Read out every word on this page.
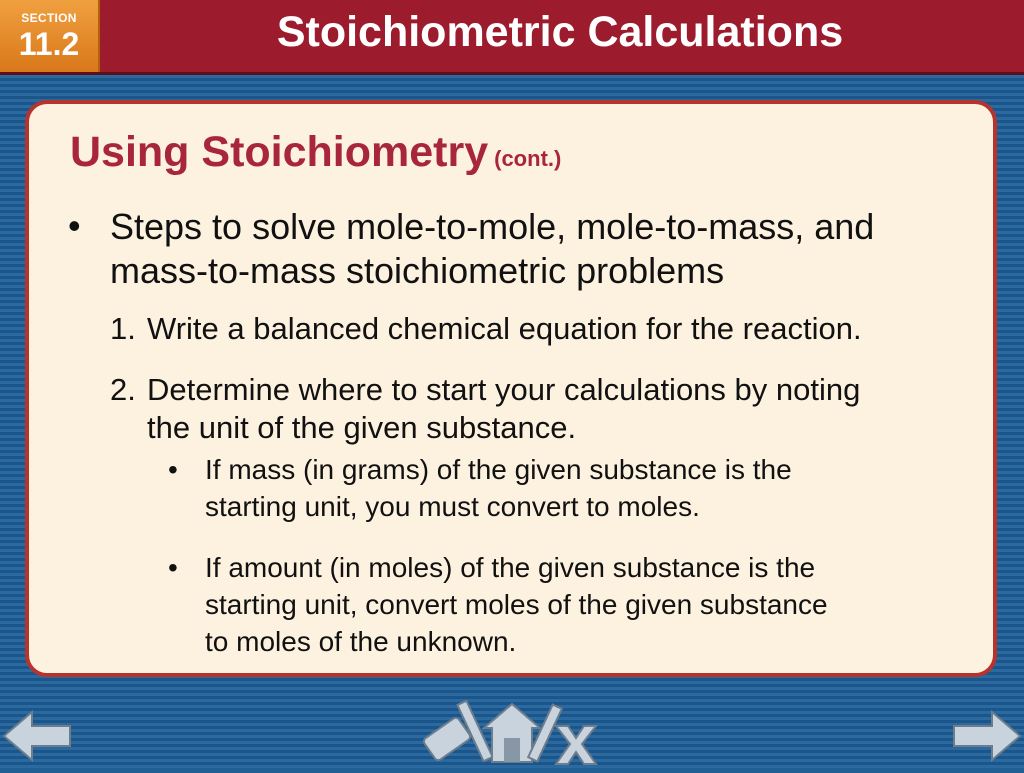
SECTION
11.2	Stoichiometric Calculations
Using Stoichiometry (cont.)
• Steps to solve mole-to-mole, mole-to-mass, and
mass-to-mass stoichiometric problems
1. Write a balanced chemical equation for the reaction.
2. Determine where to start your calculations by noting
the unit of the given substance.
• If mass (in grams) of the given substance is the
starting unit, you must convert to moles.
• If amount (in moles) of the given substance is the
starting unit, convert moles of the given substance
to moles of the unknown.
